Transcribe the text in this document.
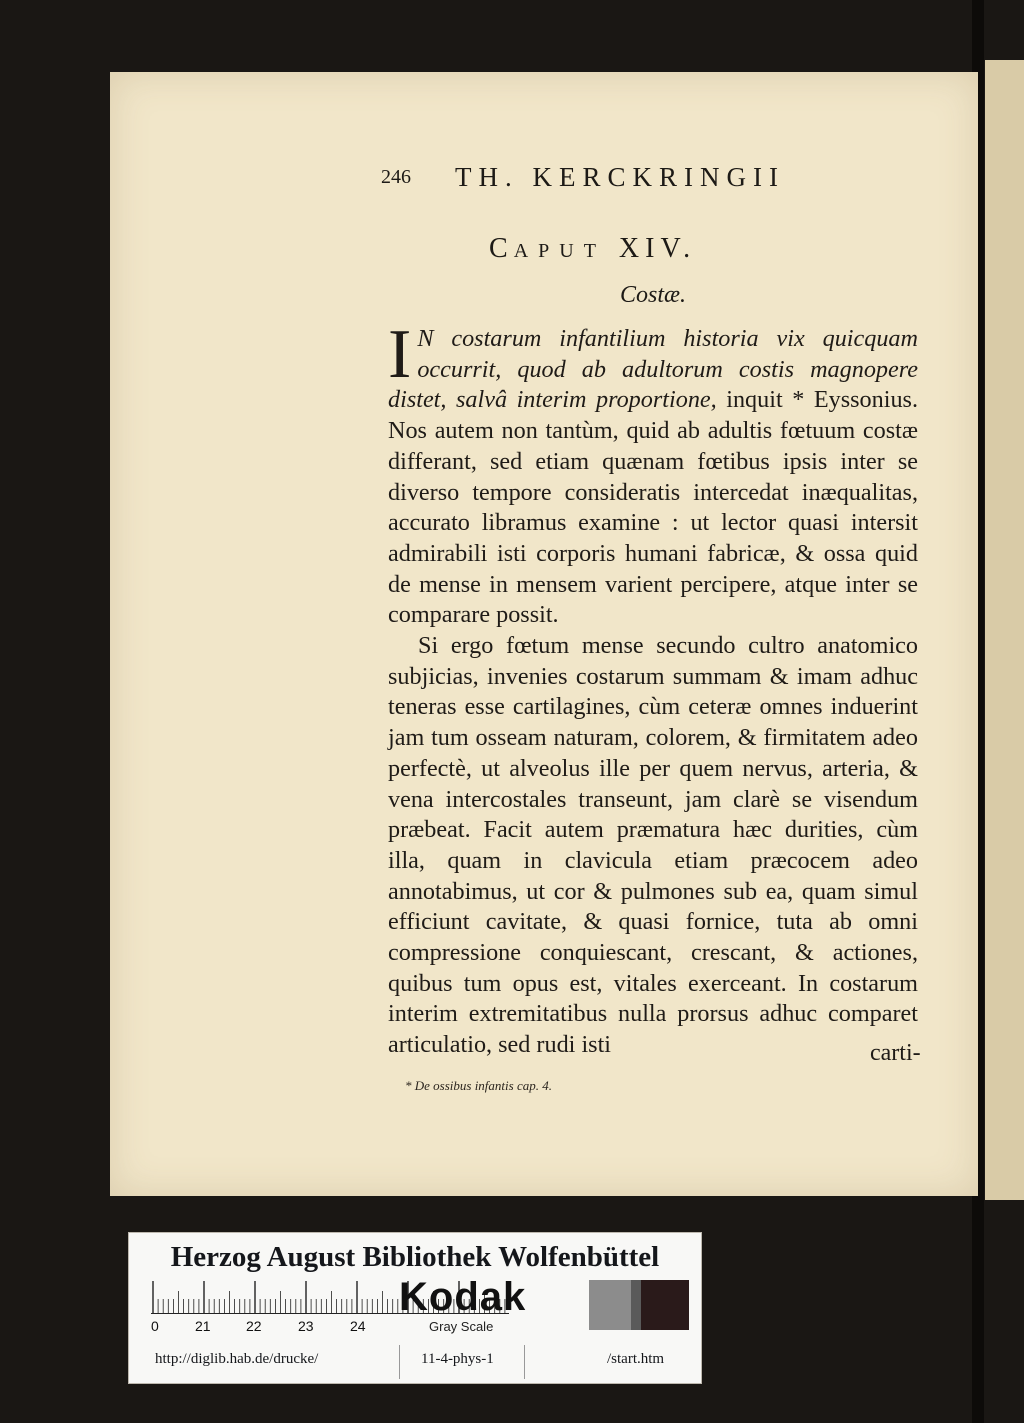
246 TH. KERCKRINGII
CAPUT XIV.
Costæ.

I N costarum infantilium historia vix quicquam occurrit, quod ab adultorum costis magnopere distet, salvâ interim proportione, inquit * Eyssonius. Nos autem non tantùm, quid ab adultis fœtuum costæ differant, sed etiam quænam fœtibus ipsis inter se diverso tempore consideratis intercedat inæqualitas, accurato libramus examine : ut lector quasi intersit admirabili isti corporis humani fabricæ, & ossa quid de mense in mensem varient percipere, atque inter se comparare possit.

Si ergo fœtum mense secundo cultro anatomico subjicias, invenies costarum summam & imam adhuc teneras esse cartilagines, cùm ceteræ omnes induerint jam tum osseam naturam, colorem, & firmitatem adeo perfectè, ut alveolus ille per quem nervus, arteria, & vena intercostales transeunt, jam clarè se visendum præbeat. Facit autem præmatura hæc durities, cùm illa, quam in clavicula etiam præcocem adeo annotabimus, ut cor & pulmones sub ea, quam simul efficiunt cavitate, & quasi fornice, tuta ab omni compressione conquiescant, crescant, & actiones, quibus tum opus est, vitales exerceant. In costarum interim extremitatibus nulla prorsus adhuc comparet articulatio, sed rudi isti	carti-
* De ossibus infantis cap. 4.
Herzog August Bibliothek Wolfenbüttel
0	21	22	23	24
Kodak
Gray Scale
http://diglib.hab.de/drucke/	11-4-phys-1	/start.htm
